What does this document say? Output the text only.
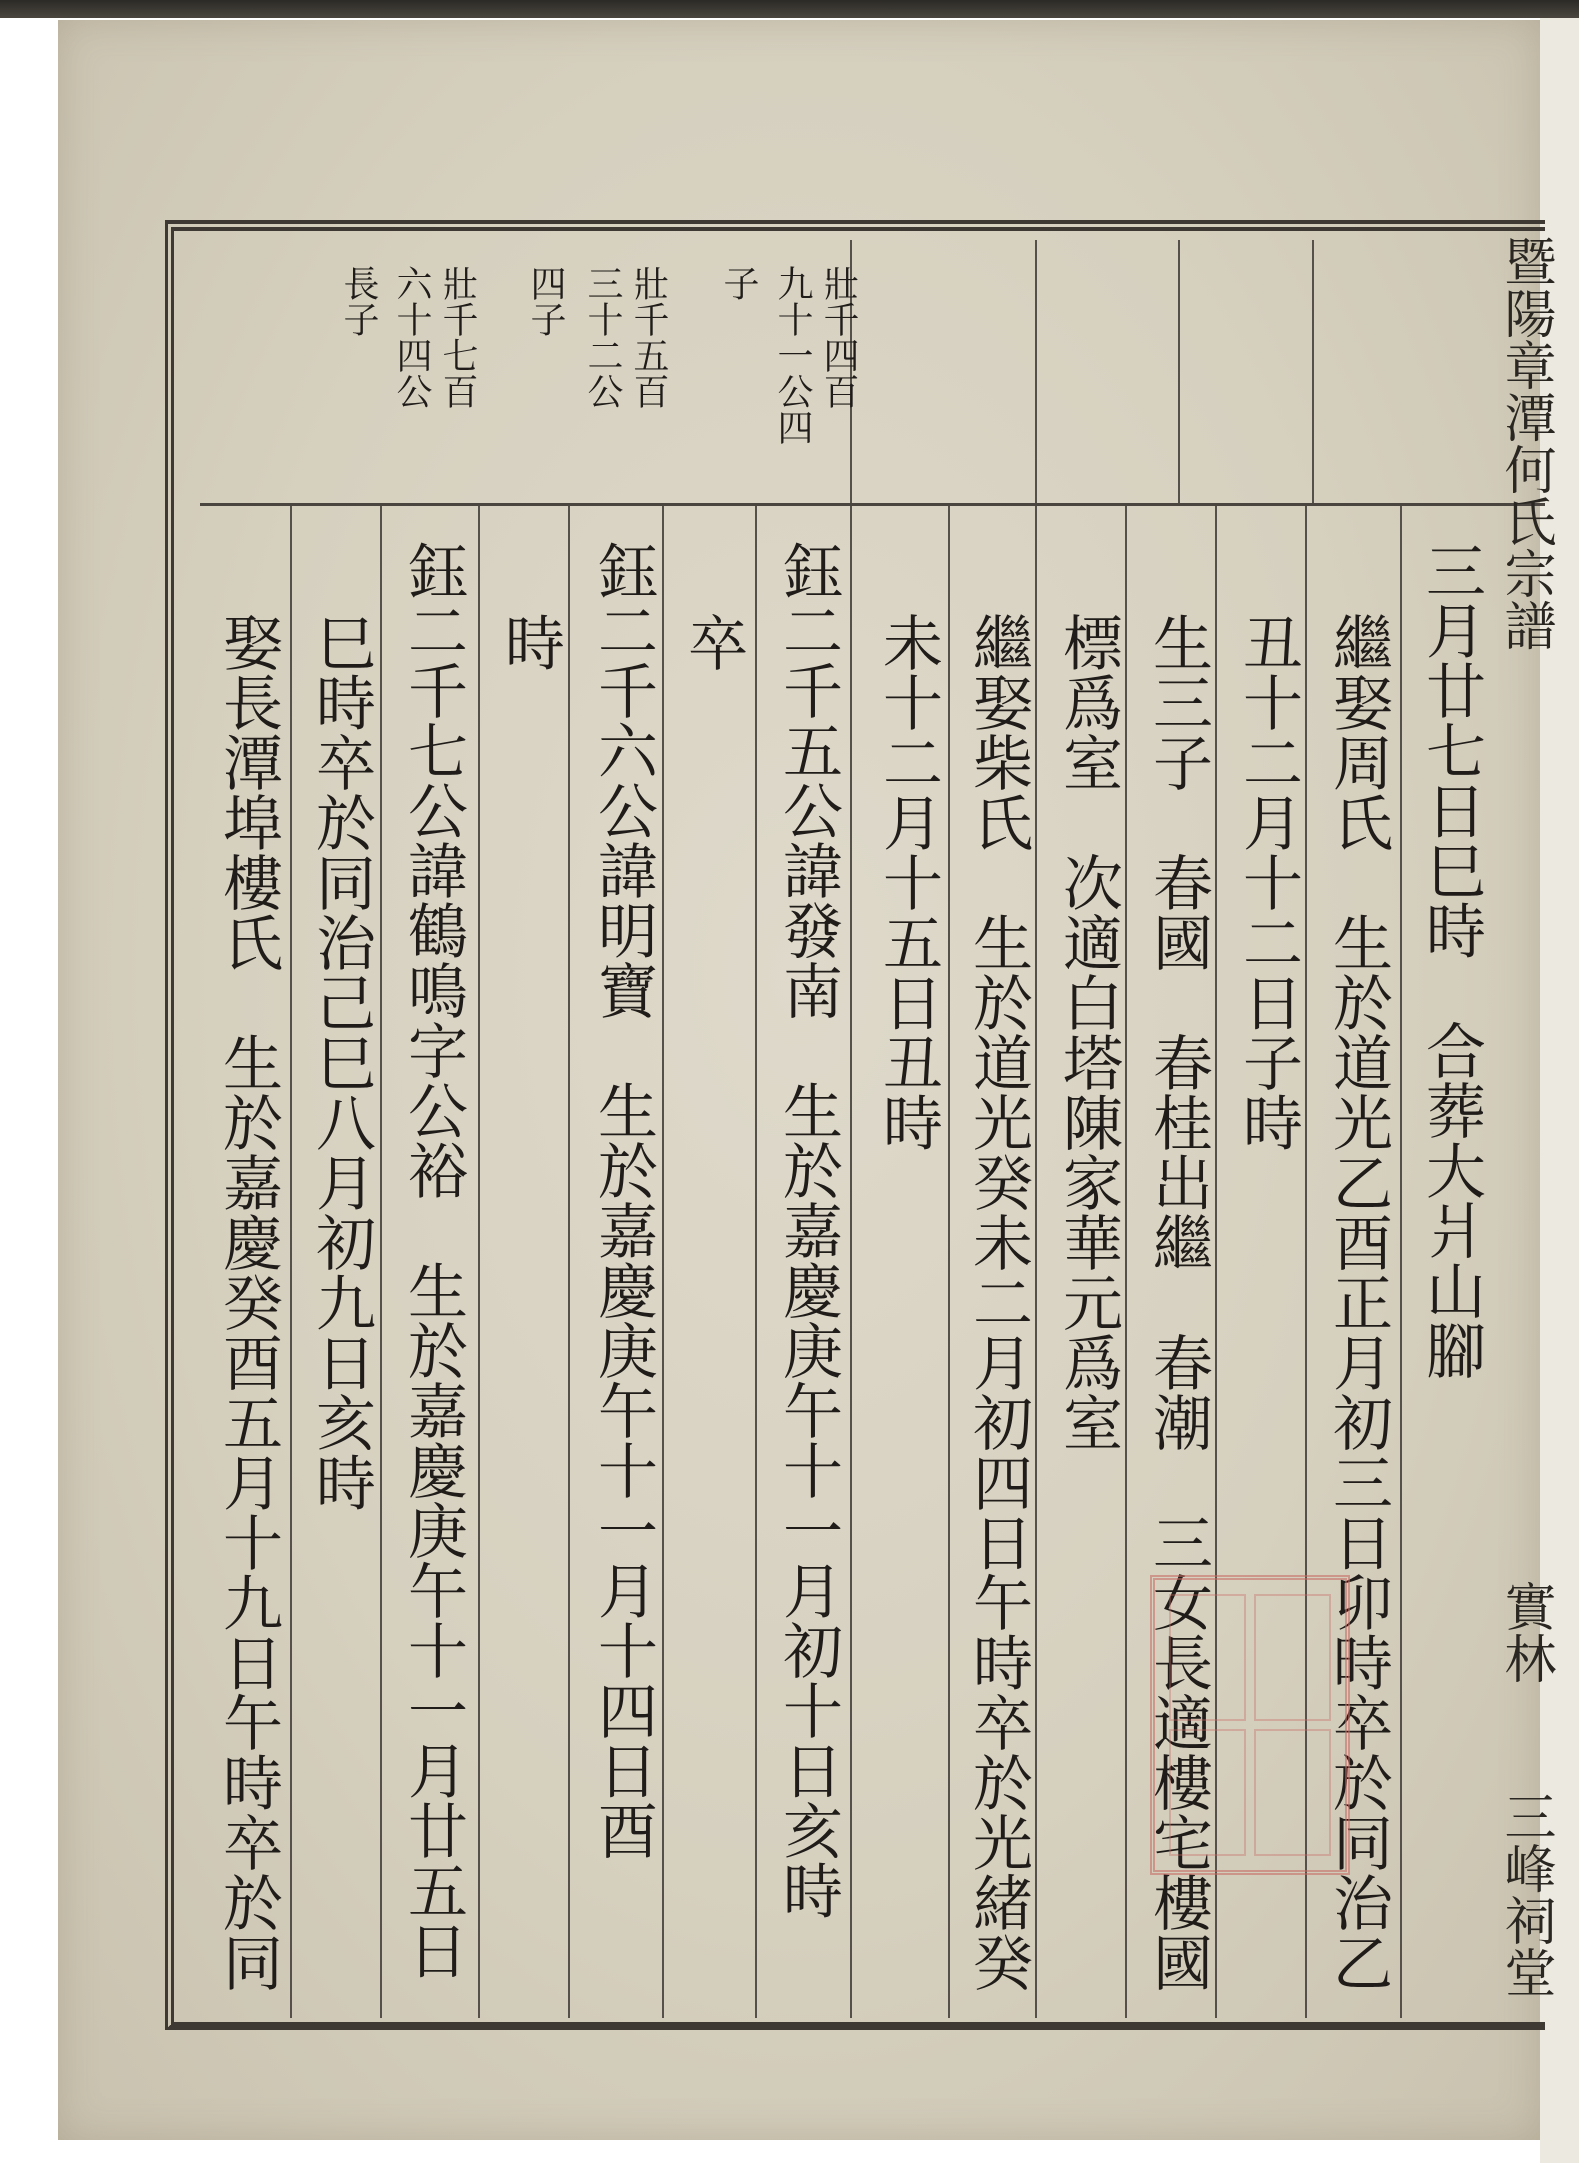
暨陽章潭何氏宗譜
實林
三峰祠堂
壯千四百
九十一公四
子
壯千五百
三十二公
四子
壯千七百
六十四公
長子
三月廿七日巳時　合葬大爿山腳
繼娶周氏　生於道光乙酉正月初三日卯時卒於同治乙
丑十二月十二日子時
生三子　春國　春桂出繼　春潮　三女長適樓宅樓國
標爲室　次適白塔陳家華元爲室
繼娶柴氏　生於道光癸未二月初四日午時卒於光緒癸
未十二月十五日丑時
鈺二千五公諱發南　生於嘉慶庚午十一月初十日亥時
卒
鈺二千六公諱明寶　生於嘉慶庚午十一月十四日酉
時
鈺二千七公諱鶴鳴字公裕　生於嘉慶庚午十一月廿五日
巳時卒於同治己巳八月初九日亥時
娶長潭埠樓氏　生於嘉慶癸酉五月十九日午時卒於同
